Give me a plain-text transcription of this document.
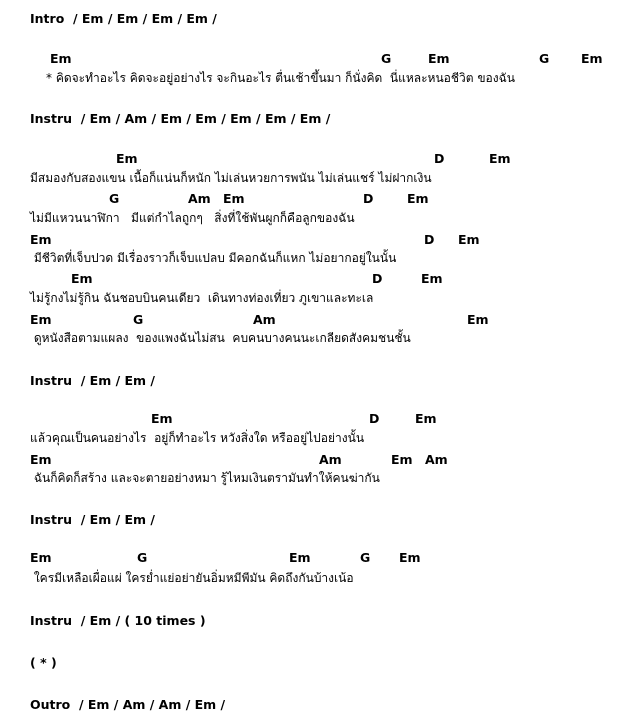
Intro  / Em / Em / Em / Em /
Em	G	Em	G	Em
* คิดจะทำอะไร คิดจะอยู่อย่างไร จะกินอะไร ตื่นเช้าขึ้นมา ก็นั่งคิด  นี่แหละหนอชีวิต ของฉัน
Instru  / Em / Am / Em / Em / Em / Em / Em /
Em	D	Em
มีสมองกับสองแขน เนื้อก็แน่นก็หนัก ไม่เล่นหวยการพนัน ไม่เล่นแชร์ ไม่ฝากเงิน
G	Am Em	D	Em
ไม่มีแหวนนาฬิกา   มีแต่กำไลถูกๆ   สิ่งที่ใช้พันผูกก็คือลูกของฉัน
Em	D Em
มีชีวิตที่เจ็บปวด มีเรื่องราวก็เจ็บแปลบ มีคอกฉันก็แหก ไม่อยากอยู่ในนั้น
Em	D	Em
ไม่รู้กงไม่รู้กิน ฉันชอบบินคนเดียว  เดินทางท่องเที่ยว ภูเขาและทะเล
Em	G	Am	Em
ดูหนังสือตามแผลง  ของแพงฉันไม่สน  คบคนบางคนนะเกลียดสังคมชนชั้น
Instru  / Em / Em /
Em	D	Em
แล้วคุณเป็นคนอย่างไร  อยู่ก็ทำอะไร หวังสิ่งใด หรืออยู่ไปอย่างนั้น
Em	Am	Em Am
ฉันก็คิดก็สร้าง และจะตายอย่างหมา รู้ไหมเงินตรามันทำให้คนฆ่ากัน
Instru  / Em / Em /
Em	G	Em	G Em
ใครมีเหลือเผื่อแผ่ ใครย่ำแย่อย่ายันอิ่มหมีพีมัน คิดถึงกันบ้างเน้อ
Instru  / Em / ( 10 times )
( * )
Outro  / Em / Am / Am / Em /
